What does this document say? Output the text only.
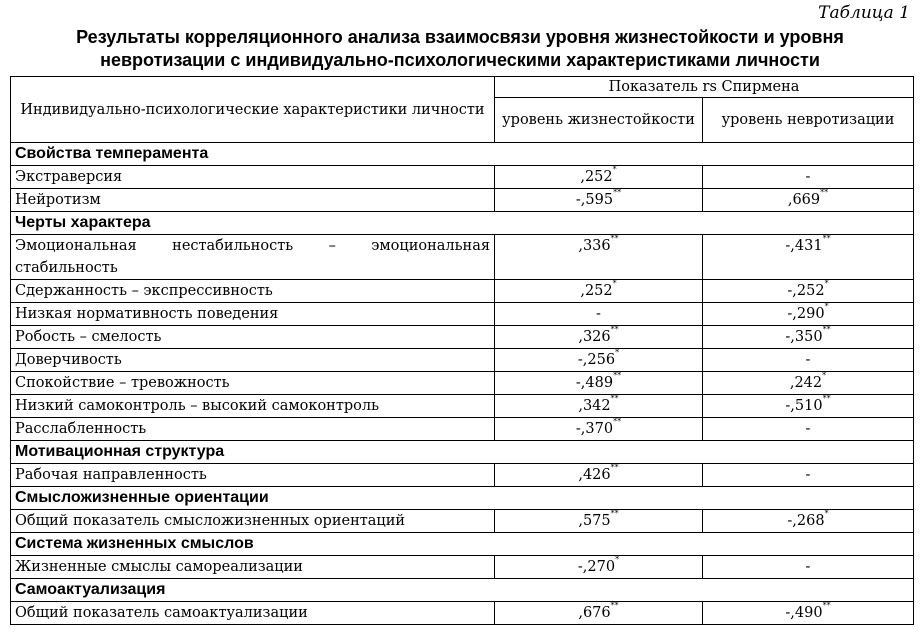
Таблица 1
Результаты корреляционного анализа взаимосвязи уровня жизнестойкости и уровня
невротизации с индивидуально-психологическими характеристиками личности
Индивидуально-психологические характеристики личности	Показатель rs Спирмена	
	уровень жизнестойкости	уровень невротизации
Свойства темперамента		
Экстраверсия	,252*	-
Нейротизм	-,595**	,669**
Черты характера		
Эмоциональная нестабильность – эмоциональная стабильность	,336**	-,431**
Сдержанность – экспрессивность	,252*	-,252*
Низкая нормативность поведения	-	-,290*
Робость – смелость	,326**	-,350**
Доверчивость	-,256*	-
Спокойствие – тревожность	-,489**	,242*
Низкий самоконтроль – высокий самоконтроль	,342**	-,510**
Расслабленность	-,370**	-
Мотивационная структура		
Рабочая направленность	,426**	-
Смысложизненные ориентации		
Общий показатель смысложизненных ориентаций	,575**	-,268*
Система жизненных смыслов		
Жизненные смыслы самореализации	-,270*	-
Самоактуализация		
Общий показатель самоактуализации	,676**	-,490**
